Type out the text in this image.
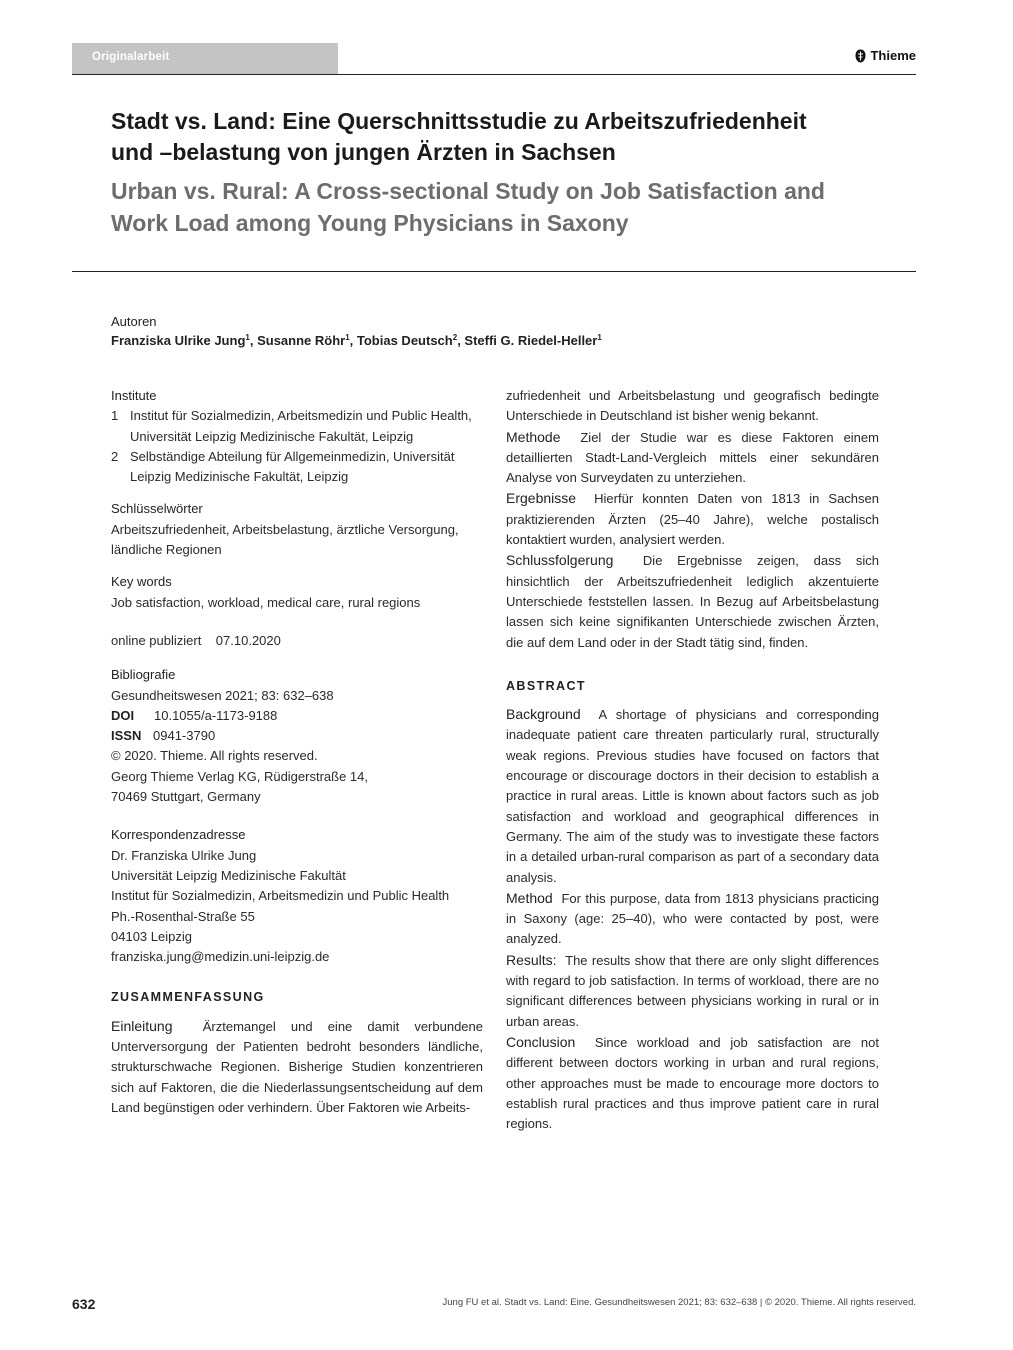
Originalarbeit	Thieme
Stadt vs. Land: Eine Querschnittsstudie zu Arbeitszufriedenheit
und –belastung von jungen Ärzten in Sachsen
Urban vs. Rural: A Cross-sectional Study on Job Satisfaction and
Work Load among Young Physicians in Saxony
Autoren
Franziska Ulrike Jung$^1$, Susanne Röhr$^1$, Tobias Deutsch$^2$, Steffi G. Riedel-Heller$^1$
Institute
1 Institut für Sozialmedizin, Arbeitsmedizin und Public Health, Universität Leipzig Medizinische Fakultät, Leipzig
2 Selbständige Abteilung für Allgemeinmedizin, Universität Leipzig Medizinische Fakultät, Leipzig
Schlüsselwörter
Arbeitszufriedenheit, Arbeitsbelastung, ärztliche Versorgung, ländliche Regionen
Key words
Job satisfaction, workload, medical care, rural regions
online publiziert 07.10.2020
Bibliografie
Gesundheitswesen 2021; 83: 632–638
DOI 10.1055/a-1173-9188
ISSN 0941-3790
© 2020. Thieme. All rights reserved.
Georg Thieme Verlag KG, Rüdigerstraße 14,
70469 Stuttgart, Germany
Korrespondenzadresse
Dr. Franziska Ulrike Jung
Universität Leipzig Medizinische Fakultät
Institut für Sozialmedizin, Arbeitsmedizin und Public Health
Ph.-Rosenthal-Straße 55
04103 Leipzig
franziska.jung@medizin.uni-leipzig.de
ZUSAMMENFASSUNG
Einleitung Ärztemangel und eine damit verbundene Unterversorgung der Patienten bedroht besonders ländliche, strukturschwache Regionen. Bisherige Studien konzentrieren sich auf Faktoren, die die Niederlassungsentscheidung auf dem Land begünstigen oder verhindern. Über Faktoren wie Arbeits-
zufriedenheit und Arbeitsbelastung und geografisch bedingte Unterschiede in Deutschland ist bisher wenig bekannt.
Methode Ziel der Studie war es diese Faktoren einem detaillierten Stadt-Land-Vergleich mittels einer sekundären Analyse von Surveydaten zu unterziehen.
Ergebnisse Hierfür konnten Daten von 1813 in Sachsen praktizierenden Ärzten (25–40 Jahre), welche postalisch kontaktiert wurden, analysiert werden.
Schlussfolgerung Die Ergebnisse zeigen, dass sich hinsichtlich der Arbeitszufriedenheit lediglich akzentuierte Unterschiede feststellen lassen. In Bezug auf Arbeitsbelastung lassen sich keine signifikanten Unterschiede zwischen Ärzten, die auf dem Land oder in der Stadt tätig sind, finden.
ABSTRACT
Background A shortage of physicians and corresponding inadequate patient care threaten particularly rural, structurally weak regions. Previous studies have focused on factors that encourage or discourage doctors in their decision to establish a practice in rural areas. Little is known about factors such as job satisfaction and workload and geographical differences in Germany. The aim of the study was to investigate these factors in a detailed urban-rural comparison as part of a secondary data analysis.
Method For this purpose, data from 1813 physicians practicing in Saxony (age: 25–40), who were contacted by post, were analyzed.
Results: The results show that there are only slight differences with regard to job satisfaction. In terms of workload, there are no significant differences between physicians working in rural or in urban areas.
Conclusion Since workload and job satisfaction are not different between doctors working in urban and rural regions, other approaches must be made to encourage more doctors to establish rural practices and thus improve patient care in rural regions.
632	Jung FU et al. Stadt vs. Land: Eine. Gesundheitswesen 2021; 83: 632–638 | © 2020. Thieme. All rights reserved.
